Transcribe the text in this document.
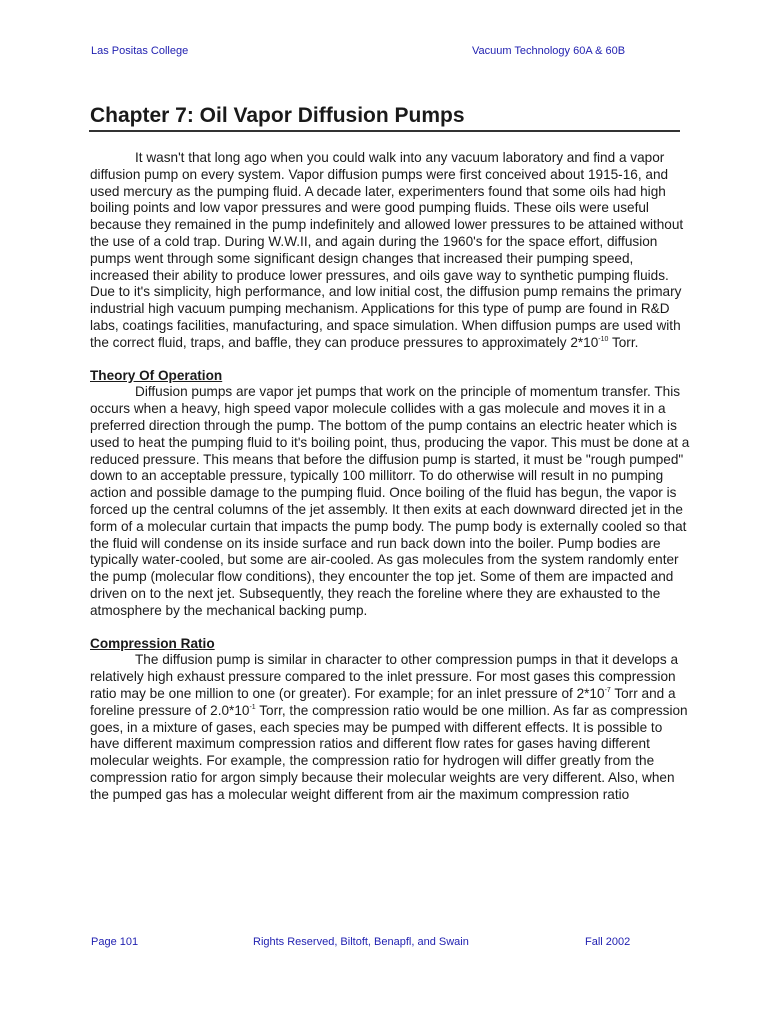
Las Positas College	Vacuum Technology 60A & 60B
Chapter 7: Oil Vapor Diffusion Pumps

It wasn't that long ago when you could walk into any vacuum laboratory and find a vapor diffusion pump on every system. Vapor diffusion pumps were first conceived about 1915-16, and used mercury as the pumping fluid. A decade later, experimenters found that some oils had high boiling points and low vapor pressures and were good pumping fluids. These oils were useful because they remained in the pump indefinitely and allowed lower pressures to be attained without the use of a cold trap. During W.W.II, and again during the 1960's for the space effort, diffusion pumps went through some significant design changes that increased their pumping speed, increased their ability to produce lower pressures, and oils gave way to synthetic pumping fluids. Due to it's simplicity, high performance, and low initial cost, the diffusion pump remains the primary industrial high vacuum pumping mechanism. Applications for this type of pump are found in R&D labs, coatings facilities, manufacturing, and space simulation. When diffusion pumps are used with the correct fluid, traps, and baffle, they can produce pressures to approximately $2*10^{-10}$ Torr.

Theory Of Operation

Diffusion pumps are vapor jet pumps that work on the principle of momentum transfer. This occurs when a heavy, high speed vapor molecule collides with a gas molecule and moves it in a preferred direction through the pump. The bottom of the pump contains an electric heater which is used to heat the pumping fluid to it's boiling point, thus, producing the vapor. This must be done at a reduced pressure. This means that before the diffusion pump is started, it must be "rough pumped" down to an acceptable pressure, typically 100 millitorr. To do otherwise will result in no pumping action and possible damage to the pumping fluid. Once boiling of the fluid has begun, the vapor is forced up the central columns of the jet assembly. It then exits at each downward directed jet in the form of a molecular curtain that impacts the pump body. The pump body is externally cooled so that the fluid will condense on its inside surface and run back down into the boiler. Pump bodies are typically water-cooled, but some are air-cooled. As gas molecules from the system randomly enter the pump (molecular flow conditions), they encounter the top jet. Some of them are impacted and driven on to the next jet. Subsequently, they reach the foreline where they are exhausted to the atmosphere by the mechanical backing pump.

Compression Ratio

The diffusion pump is similar in character to other compression pumps in that it develops a relatively high exhaust pressure compared to the inlet pressure. For most gases this compression ratio may be one million to one (or greater). For example; for an inlet pressure of $2*10^{-7}$ Torr and a foreline pressure of $2.0*10^{-1}$ Torr, the compression ratio would be one million. As far as compression goes, in a mixture of gases, each species may be pumped with different effects. It is possible to have different maximum compression ratios and different flow rates for gases having different molecular weights. For example, the compression ratio for hydrogen will differ greatly from the compression ratio for argon simply because their molecular weights are very different. Also, when the pumped gas has a molecular weight different from air the maximum compression ratio

Page 101	Rights Reserved, Biltoft, Benapfl, and Swain	Fall 2002
